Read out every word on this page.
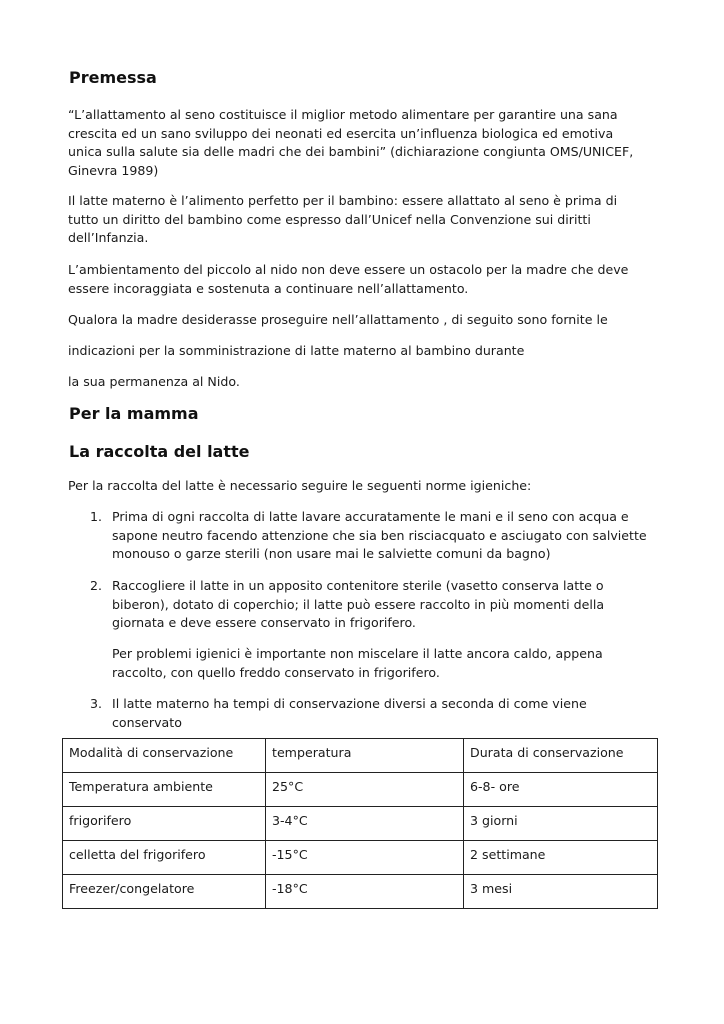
Premessa

“L’allattamento al seno costituisce il miglior metodo alimentare per garantire una sana crescita ed un sano sviluppo dei neonati ed esercita un’influenza biologica ed emotiva unica sulla salute sia delle madri che dei bambini” (dichiarazione congiunta OMS/UNICEF, Ginevra 1989)

Il latte materno è l’alimento perfetto per il bambino: essere allattato al seno è prima di tutto un diritto del bambino come espresso dall’Unicef nella Convenzione sui diritti dell’Infanzia.

L’ambientamento del piccolo al nido non deve essere un ostacolo per la madre che deve essere incoraggiata e sostenuta a continuare nell’allattamento.

Qualora la madre desiderasse proseguire nell’allattamento , di seguito sono fornite le

indicazioni per la somministrazione di latte materno al bambino durante

la sua permanenza al Nido.

Per la mamma
La raccolta del latte

Per la raccolta del latte è necessario seguire le seguenti norme igieniche:

1. Prima di ogni raccolta di latte lavare accuratamente le mani e il seno con acqua e sapone neutro facendo attenzione che sia ben risciacquato e asciugato con salviette monouso o garze sterili (non usare mai le salviette comuni da bagno)
2. Raccogliere il latte in un apposito contenitore sterile (vasetto conserva latte o biberon), dotato di coperchio; il latte può essere raccolto in più momenti della giornata e deve essere conservato in frigorifero.
Per problemi igienici è importante non miscelare il latte ancora caldo, appena raccolto, con quello freddo conservato in frigorifero.
3. Il latte materno ha tempi di conservazione diversi a seconda di come viene conservato
Modalità di conservazione	temperatura	Durata di conservazione
Temperatura ambiente	25°C	6-8- ore
frigorifero	3-4°C	3 giorni
celletta del frigorifero	-15°C	2 settimane
Freezer/congelatore	-18°C	3 mesi
